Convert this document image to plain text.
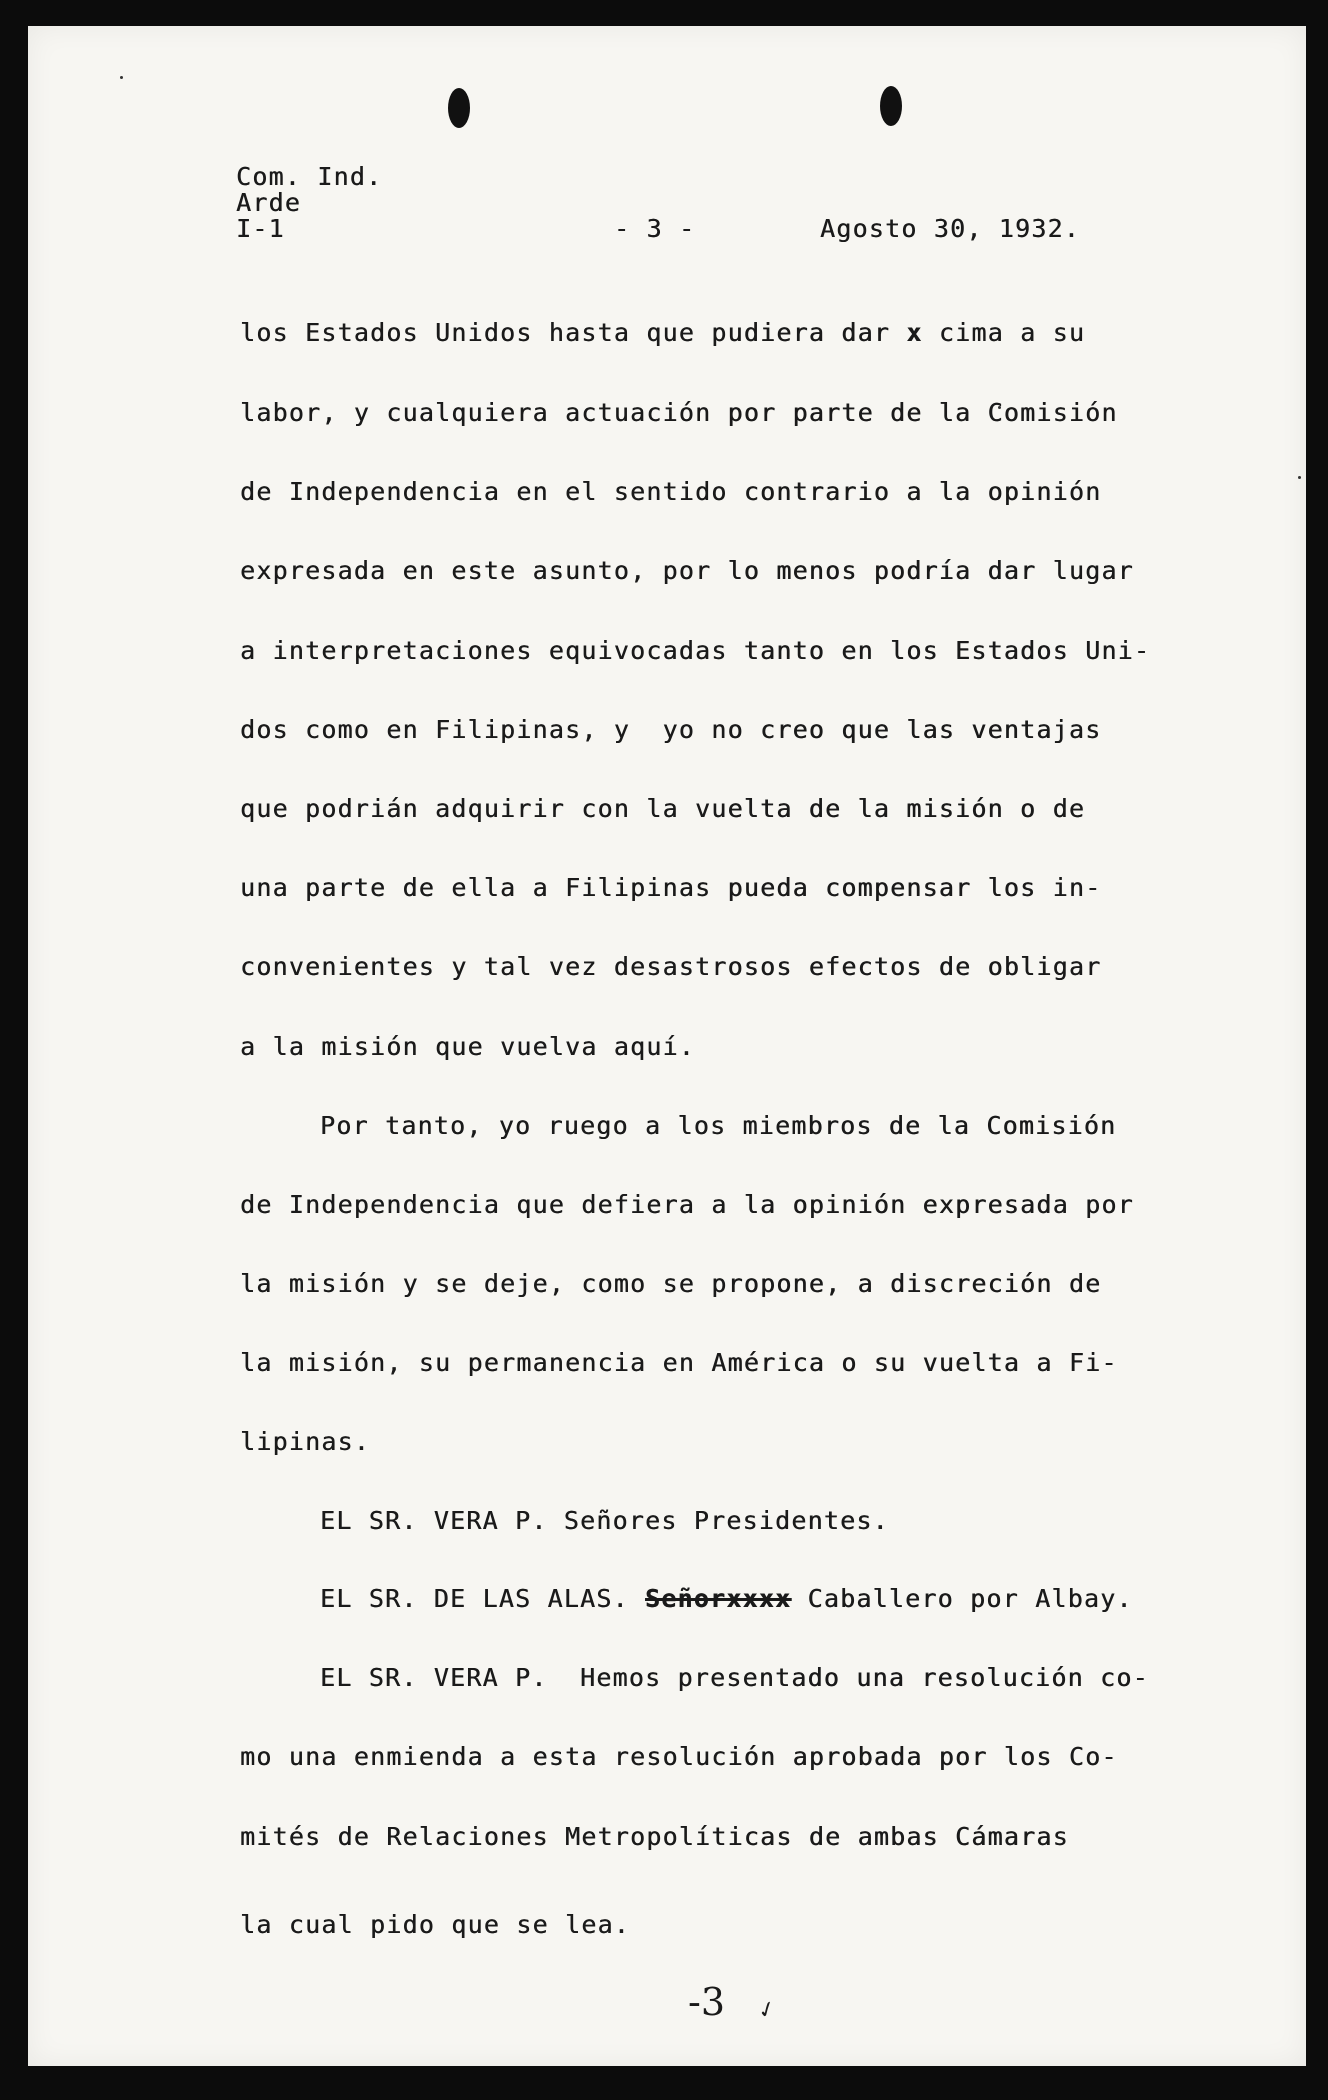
Com. Ind.
Arde
I-1	- 3 -	Agosto 30, 1932.
los Estados Unidos hasta que pudiera dar x cima a su
labor, y cualquiera actuación por parte de la Comisión
de Independencia en el sentido contrario a la opinión
expresada en este asunto, por lo menos podría dar lugar
a interpretaciones equivocadas tanto en los Estados Uni-
dos como en Filipinas, y  yo no creo que las ventajas
que podrián adquirir con la vuelta de la misión o de
una parte de ella a Filipinas pueda compensar los in-
convenientes y tal vez desastrosos efectos de obligar
a la misión que vuelva aquí.
Por tanto, yo ruego a los miembros de la Comisión
de Independencia que defiera a la opinión expresada por
la misión y se deje, como se propone, a discreción de
la misión, su permanencia en América o su vuelta a Fi-
lipinas.
EL SR. VERA P. Señores Presidentes.
EL SR. DE LAS ALAS. Señorxxxx Caballero por Albay.
EL SR. VERA P.  Hemos presentado una resolución co-
mo una enmienda a esta resolución aprobada por los Co-
mités de Relaciones Metropolíticas de ambas Cámaras
la cual pido que se lea.
-3 ✓
